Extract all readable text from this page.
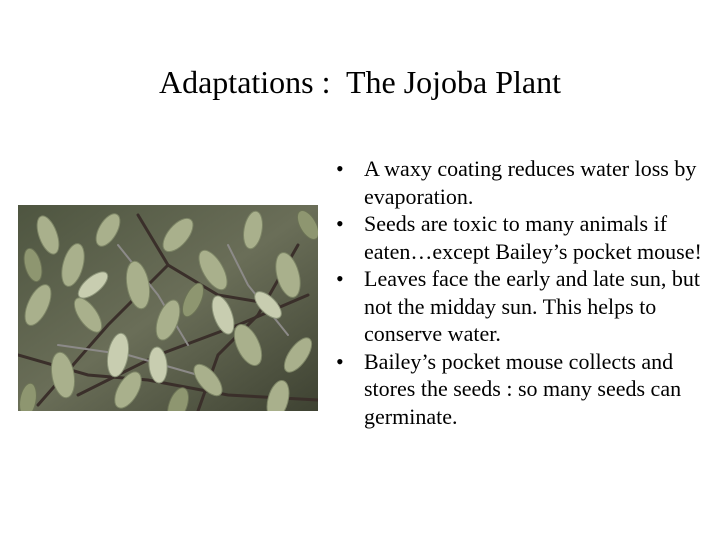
Adaptations :  The Jojoba Plant
• A waxy coating reduces water loss by evaporation.
• Seeds are toxic to many animals if eaten…except Bailey’s pocket mouse!
• Leaves face the early and late sun, but not the midday sun. This helps to conserve water.
• Bailey’s pocket mouse collects and stores the seeds : so many seeds can germinate.
